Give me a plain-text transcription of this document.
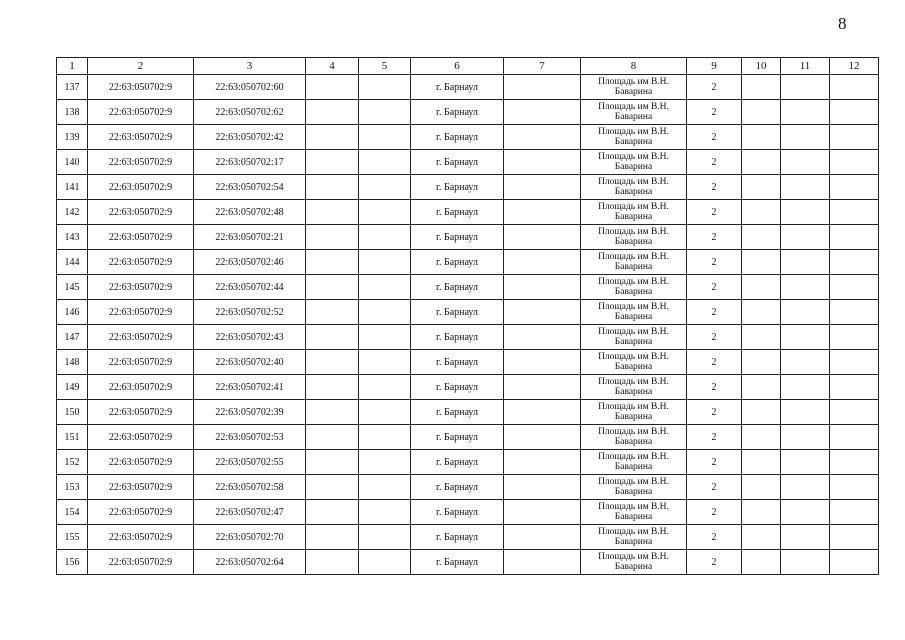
8
1	2	3	4	5	6	7	8	9	10	11	12
137	22:63:050702:9	22:63:050702:60			г. Барнаул		Площадь им В.Н. Баварина	2			
138	22:63:050702:9	22:63:050702:62			г. Барнаул		Площадь им В.Н. Баварина	2			
139	22:63:050702:9	22:63:050702:42			г. Барнаул		Площадь им В.Н. Баварина	2			
140	22:63:050702:9	22:63:050702:17			г. Барнаул		Площадь им В.Н. Баварина	2			
141	22:63:050702:9	22:63:050702:54			г. Барнаул		Площадь им В.Н. Баварина	2			
142	22:63:050702:9	22:63:050702:48			г. Барнаул		Площадь им В.Н. Баварина	2			
143	22:63:050702:9	22:63:050702:21			г. Барнаул		Площадь им В.Н. Баварина	2			
144	22:63:050702:9	22:63:050702:46			г. Барнаул		Площадь им В.Н. Баварина	2			
145	22:63:050702:9	22:63:050702:44			г. Барнаул		Площадь им В.Н. Баварина	2			
146	22:63:050702:9	22:63:050702:52			г. Барнаул		Площадь им В.Н. Баварина	2			
147	22:63:050702:9	22:63:050702:43			г. Барнаул		Площадь им В.Н. Баварина	2			
148	22:63:050702:9	22:63:050702:40			г. Барнаул		Площадь им В.Н. Баварина	2			
149	22:63:050702:9	22:63:050702:41			г. Барнаул		Площадь им В.Н. Баварина	2			
150	22:63:050702:9	22:63:050702:39			г. Барнаул		Площадь им В.Н. Баварина	2			
151	22:63:050702:9	22:63:050702:53			г. Барнаул		Площадь им В.Н. Баварина	2			
152	22:63:050702:9	22:63:050702:55			г. Барнаул		Площадь им В.Н. Баварина	2			
153	22:63:050702:9	22:63:050702:58			г. Барнаул		Площадь им В.Н. Баварина	2			
154	22:63:050702:9	22:63:050702:47			г. Барнаул		Площадь им В.Н. Баварина	2			
155	22:63:050702:9	22:63:050702:70			г. Барнаул		Площадь им В.Н. Баварина	2			
156	22:63:050702:9	22:63:050702:64			г. Барнаул		Площадь им В.Н. Баварина	2			
